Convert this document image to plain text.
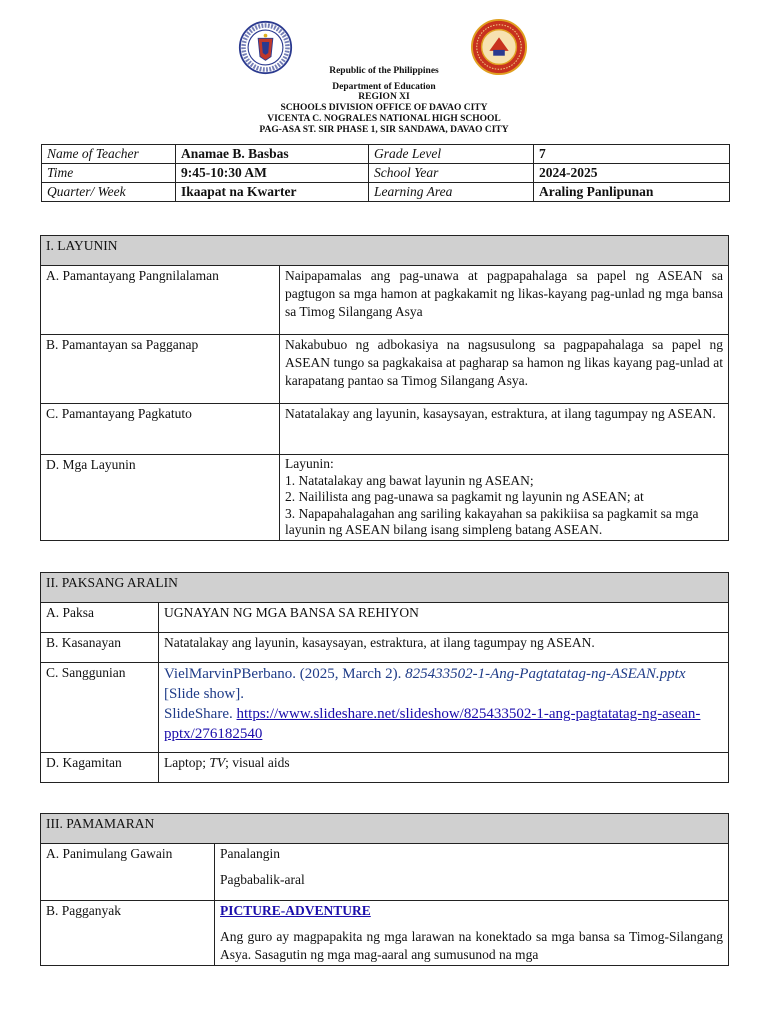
Republic of the Philippines
Department of Education
REGION XI
SCHOOLS DIVISION OFFICE OF DAVAO CITY
VICENTA C. NOGRALES NATIONAL HIGH SCHOOL
PAG-ASA ST. SIR PHASE 1, SIR SANDAWA, DAVAO CITY
Name of Teacher	Anamae B. Basbas	Grade Level	7
Time	9:45-10:30 AM	School Year	2024-2025
Quarter/ Week	Ikaapat na Kwarter	Learning Area	Araling Panlipunan
I. LAYUNIN	
A. Pamantayang Pangnilalaman	Naipapamalas ang pag-unawa at pagpapahalaga sa papel ng ASEAN sa pagtugon sa mga hamon at pagkakamit ng likas-kayang pag-unlad ng mga bansa sa Timog Silangang Asya
B. Pamantayan sa Pagganap	Nakabubuo ng adbokasiya na nagsusulong sa pagpapahalaga sa papel ng ASEAN tungo sa pagkakaisa at pagharap sa hamon ng likas kayang pag-unlad at karapatang pantao sa Timog Silangang Asya.
C. Pamantayang Pagkatuto	Natatalakay ang layunin, kasaysayan, estraktura, at ilang tagumpay ng ASEAN.
D. Mga Layunin	Layunin:
1. Natatalakay ang bawat layunin ng ASEAN;
2. Naililista ang pag-unawa sa pagkamit ng layunin ng ASEAN; at
3. Napapahalagahan ang sariling kakayahan sa pakikiisa sa pagkamit sa mga layunin ng ASEAN bilang isang simpleng batang ASEAN.
II. PAKSANG ARALIN	
A. Paksa	UGNAYAN NG MGA BANSA SA REHIYON
B. Kasanayan	Natatalakay ang layunin, kasaysayan, estraktura, at ilang tagumpay ng ASEAN.
C. Sanggunian	VielMarvinPBerbano. (2025, March 2). 825433502-1-Ang-Pagtatatag-ng-ASEAN.pptx [Slide show].
SlideShare. https://www.slideshare.net/slideshow/825433502-1-ang-pagtatatag-ng-asean-pptx/276182540
D. Kagamitan	Laptop; TV; visual aids
III. PAMAMARAN	
A. Panimulang Gawain	Panalangin
Pagbabalik-aral

B. Pagganyak	PICTURE-ADVENTURE
Ang guro ay magpapakita ng mga larawan na konektado sa mga bansa sa Timog-Silangang Asya. Sasagutin ng mga mag-aaral ang sumusunod na mga
